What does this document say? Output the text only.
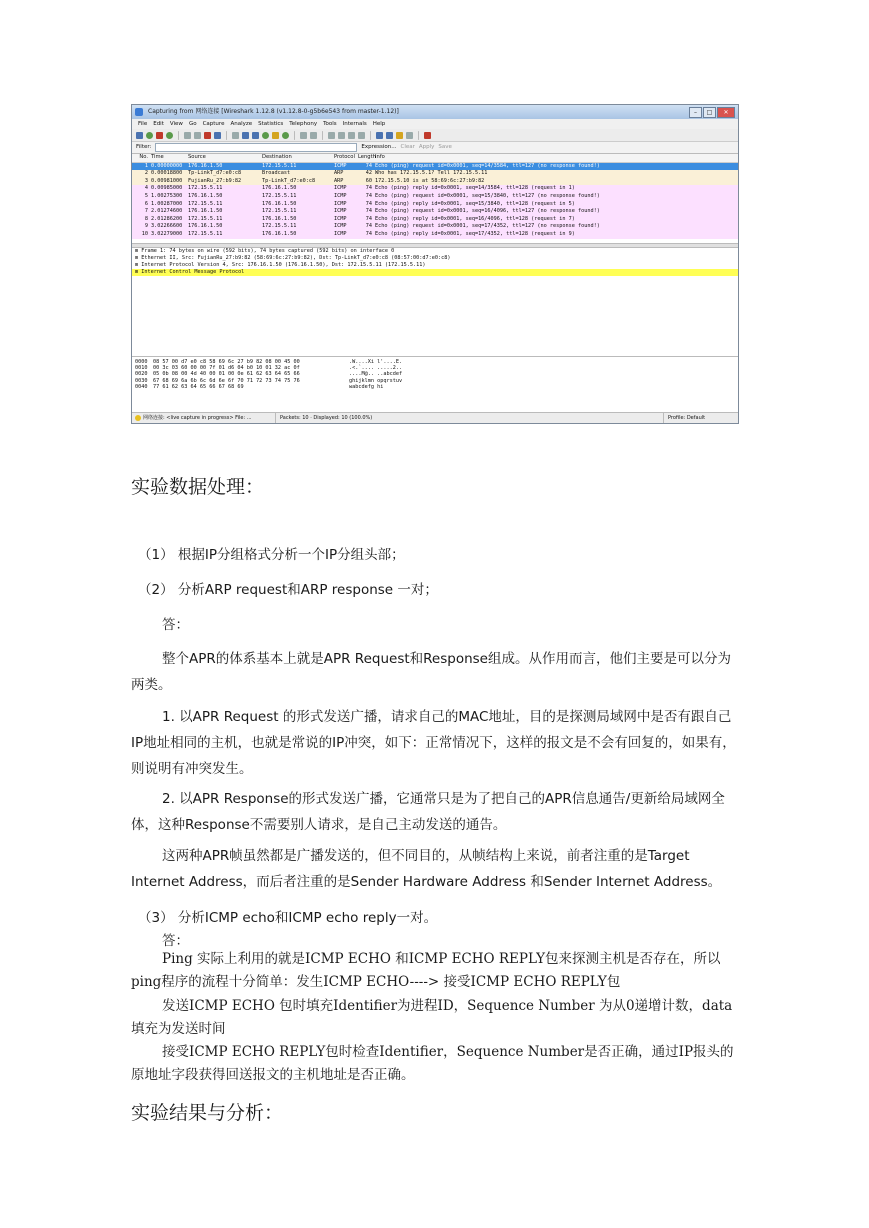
Capturing from 网络连接 [Wireshark 1.12.8 (v1.12.8-0-g5b6e543 from master-1.12)]	–	□	✕
File Edit View Go Capture Analyze Statistics Telephony Tools Internals Help
Filter:	Expression... Clear Apply Save
No. Time	Source	Destination	Protocol Length Info
1 0.00000000	176.16.1.50	172.15.5.11	ICMP	74 Echo (ping) request id=0x0001, seq=14/3584, ttl=127 (no response found!)
2 0.00018800	Tp-LinkT_d7:e0:c8	Broadcast	ARP	42 Who has 172.15.5.1? Tell 172.15.5.11
3 0.00981000	FujianRu_27:b9:82	Tp-LinkT_d7:e0:c8	ARP	60 172.15.5.10 is at 58:69:6c:27:b9:82
4 0.00985000	172.15.5.11	176.16.1.50	ICMP	74 Echo (ping) reply id=0x0001, seq=14/3584, ttl=128 (request in 1)
5 1.00275300	176.16.1.50	172.15.5.11	ICMP	74 Echo (ping) request id=0x0001, seq=15/3840, ttl=127 (no response found!)
6 1.00287000	172.15.5.11	176.16.1.50	ICMP	74 Echo (ping) reply id=0x0001, seq=15/3840, ttl=128 (request in 5)
7 2.01274600	176.16.1.50	172.15.5.11	ICMP	74 Echo (ping) request id=0x0001, seq=16/4096, ttl=127 (no response found!)
8 2.01286200	172.15.5.11	176.16.1.50	ICMP	74 Echo (ping) reply id=0x0001, seq=16/4096, ttl=128 (request in 7)
9 3.02266600	176.16.1.50	172.15.5.11	ICMP	74 Echo (ping) request id=0x0001, seq=17/4352, ttl=127 (no response found!)
10 3.02279000	172.15.5.11	176.16.1.50	ICMP	74 Echo (ping) reply id=0x0001, seq=17/4352, ttl=128 (request in 9)
⊞ Frame 1: 74 bytes on wire (592 bits), 74 bytes captured (592 bits) on interface 0
⊞ Ethernet II, Src: FujianRu_27:b9:82 (58:69:6c:27:b9:82), Dst: Tp-LinkT_d7:e0:c8 (08:57:00:d7:e0:c8)
⊞ Internet Protocol Version 4, Src: 176.16.1.50 (176.16.1.50), Dst: 172.15.5.11 (172.15.5.11)
⊞ Internet Control Message Protocol
0000	08 57 00 d7 e0 c8 58 69 6c 27 b9 82 08 00 45 00	.W....Xi l'....E.
0010	00 3c 03 60 00 00 7f 01 d6 04 b0 10 01 32 ac 0f	.<.`.... .....2..
0020	05 0b 08 00 4d 40 00 01 00 0e 61 62 63 64 65 66	....M@.. ..abcdef
0030	67 68 69 6a 6b 6c 6d 6e 6f 70 71 72 73 74 75 76	ghijklmn opqrstuv
0040	77 61 62 63 64 65 66 67 68 69	wabcdefg hi
网络连接: <live capture in progress> File: ...	Packets: 10 · Displayed: 10 (100.0%)	Profile: Default
实验数据处理：
（1） 根据IP分组格式分析一个IP分组头部；
（2） 分析ARP request和ARP response 一对；
答：
整个APR的体系基本上就是APR Request和Response组成。从作用而言，他们主要是可以分为两类。
1. 以APR Request 的形式发送广播，请求自己的MAC地址，目的是探测局域网中是否有跟自己IP地址相同的主机，也就是常说的IP冲突，如下：正常情况下，这样的报文是不会有回复的，如果有，则说明有冲突发生。
2. 以APR Response的形式发送广播，它通常只是为了把自己的APR信息通告/更新给局域网全体，这种Response不需要别人请求，是自己主动发送的通告。
这两种APR帧虽然都是广播发送的，但不同目的，从帧结构上来说，前者注重的是Target Internet Address，而后者注重的是Sender Hardware Address 和Sender Internet Address。
（3） 分析ICMP echo和ICMP echo reply一对。
答：
Ping 实际上利用的就是ICMP ECHO 和ICMP ECHO REPLY包来探测主机是否存在，所以ping程序的流程十分简单：发生ICMP ECHO----> 接受ICMP ECHO REPLY包
发送ICMP ECHO 包时填充Identifier为进程ID，Sequence Number 为从0递增计数，data填充为发送时间
接受ICMP ECHO REPLY包时检查Identifier，Sequence Number是否正确，通过IP报头的原地址字段获得回送报文的主机地址是否正确。
实验结果与分析：
